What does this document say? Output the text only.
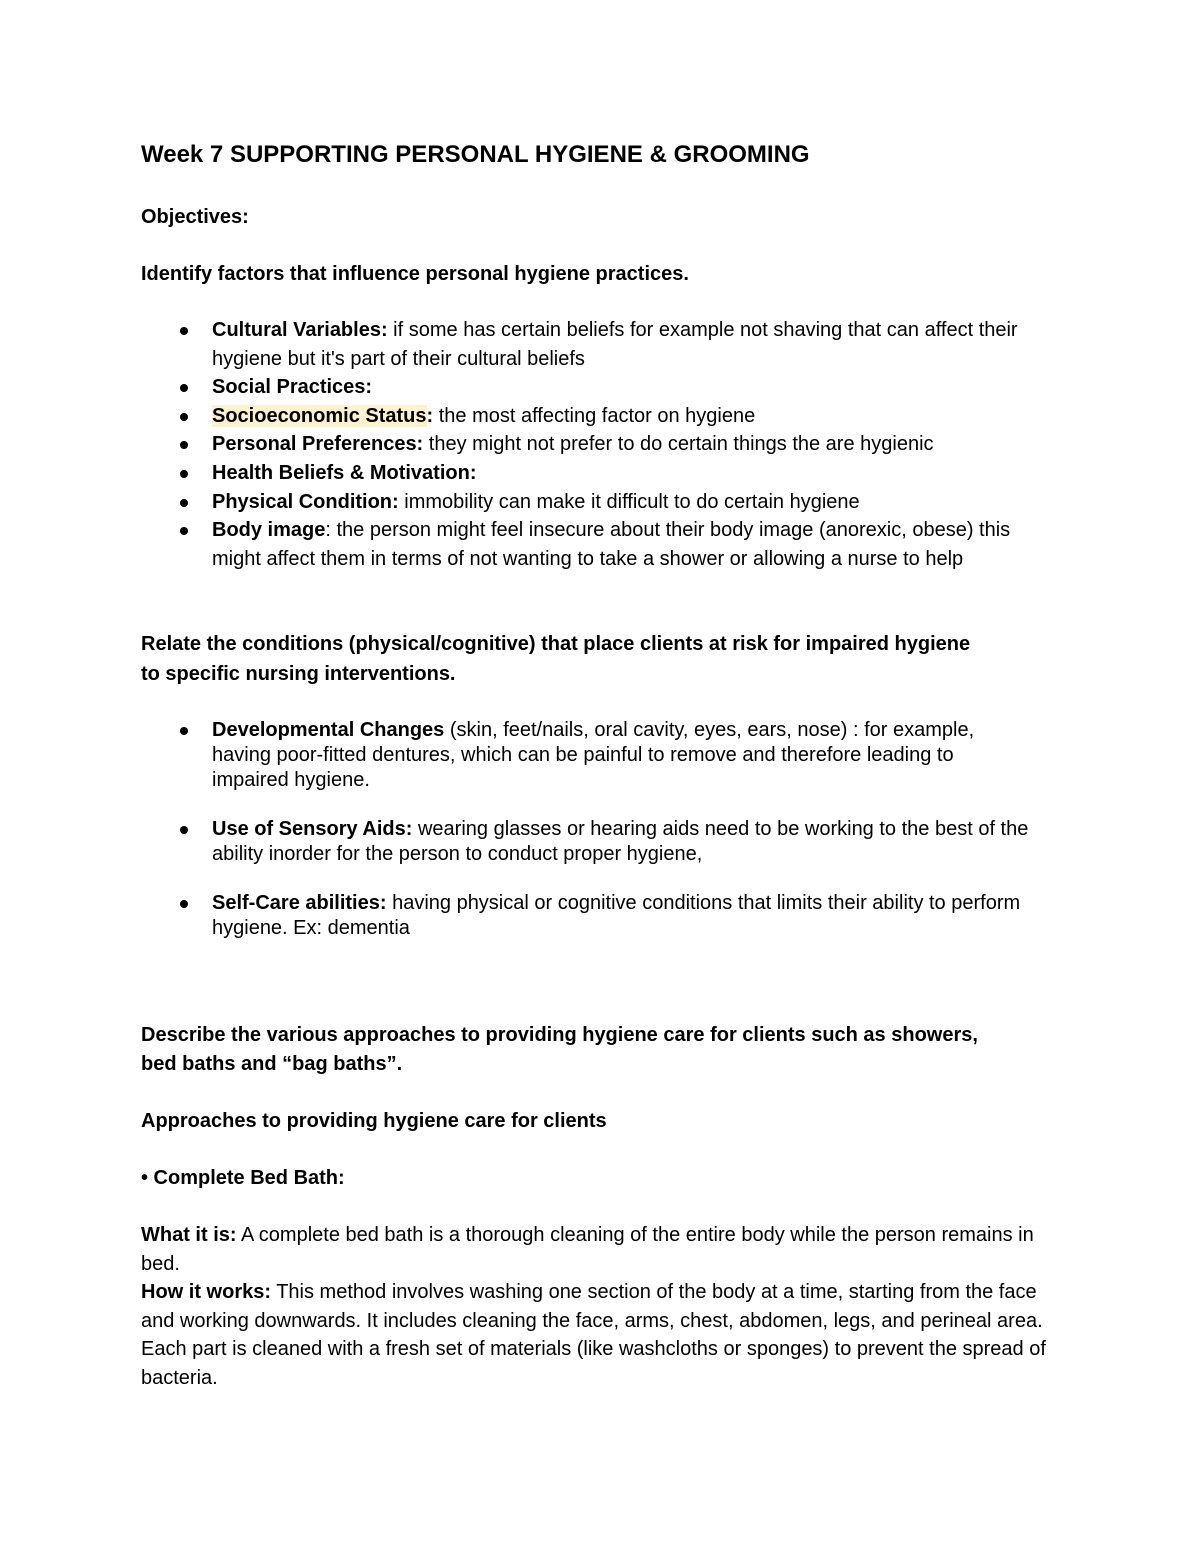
Week 7 SUPPORTING PERSONAL HYGIENE & GROOMING
Objectives:
Identify factors that influence personal hygiene practices.
Cultural Variables: if some has certain beliefs for example not shaving that can affect their hygiene but it's part of their cultural beliefs
Social Practices:
Socioeconomic Status: the most affecting factor on hygiene
Personal Preferences: they might not prefer to do certain things the are hygienic
Health Beliefs & Motivation:
Physical Condition: immobility can make it difficult to do certain hygiene
Body image: the person might feel insecure about their body image (anorexic, obese) this might affect them in terms of not wanting to take a shower or allowing a nurse to help
Relate the conditions (physical/cognitive) that place clients at risk for impaired hygiene
to specific nursing interventions.
Developmental Changes (skin, feet/nails, oral cavity, eyes, ears, nose) : for example, having poor-fitted dentures, which can be painful to remove and therefore leading to impaired hygiene.
Use of Sensory Aids: wearing glasses or hearing aids need to be working to the best of the ability inorder for the person to conduct proper hygiene,
Self-Care abilities: having physical or cognitive conditions that limits their ability to perform hygiene. Ex: dementia
Describe the various approaches to providing hygiene care for clients such as showers,
bed baths and “bag baths”.
Approaches to providing hygiene care for clients
• Complete Bed Bath:
What it is: A complete bed bath is a thorough cleaning of the entire body while the person remains in bed.
How it works: This method involves washing one section of the body at a time, starting from the face and working downwards. It includes cleaning the face, arms, chest, abdomen, legs, and perineal area. Each part is cleaned with a fresh set of materials (like washcloths or sponges) to prevent the spread of bacteria.
